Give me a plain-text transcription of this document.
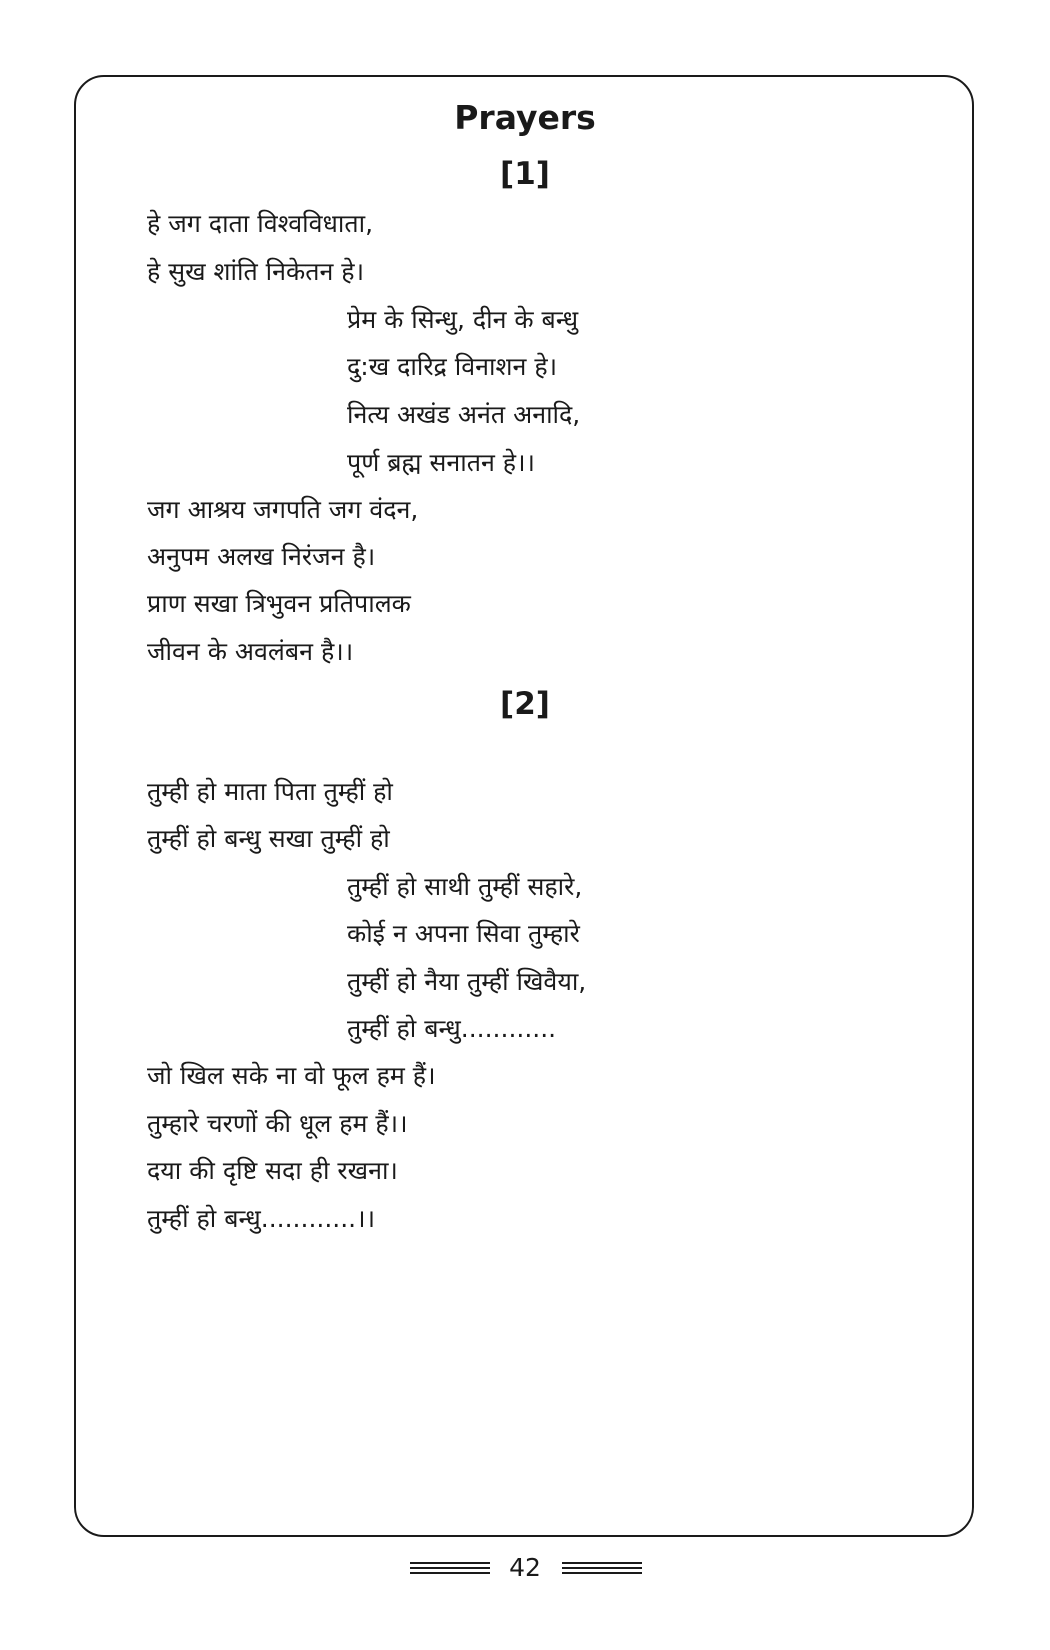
Prayers
[1]
हे जग दाता विश्वविधाता,
हे सुख शांति निकेतन हे।
प्रेम के सिन्धु, दीन के बन्धु
दु:ख दारिद्र विनाशन हे।
नित्य अखंड अनंत अनादि,
पूर्ण ब्रह्म सनातन हे।।
जग आश्रय जगपति जग वंदन,
अनुपम अलख निरंजन है।
प्राण सखा त्रिभुवन प्रतिपालक
जीवन के अवलंबन है।।
[2]
तुम्ही हो माता पिता तुम्हीं हो
तुम्हीं हो बन्धु सखा तुम्हीं हो
तुम्हीं हो साथी तुम्हीं सहारे,
कोई न अपना सिवा तुम्हारे
तुम्हीं हो नैया तुम्हीं खिवैया,
तुम्हीं हो बन्धु............
जो खिल सके ना वो फूल हम हैं।
तुम्हारे चरणों की धूल हम हैं।।
दया की दृष्टि सदा ही रखना।
तुम्हीं हो बन्धु............।।
42
